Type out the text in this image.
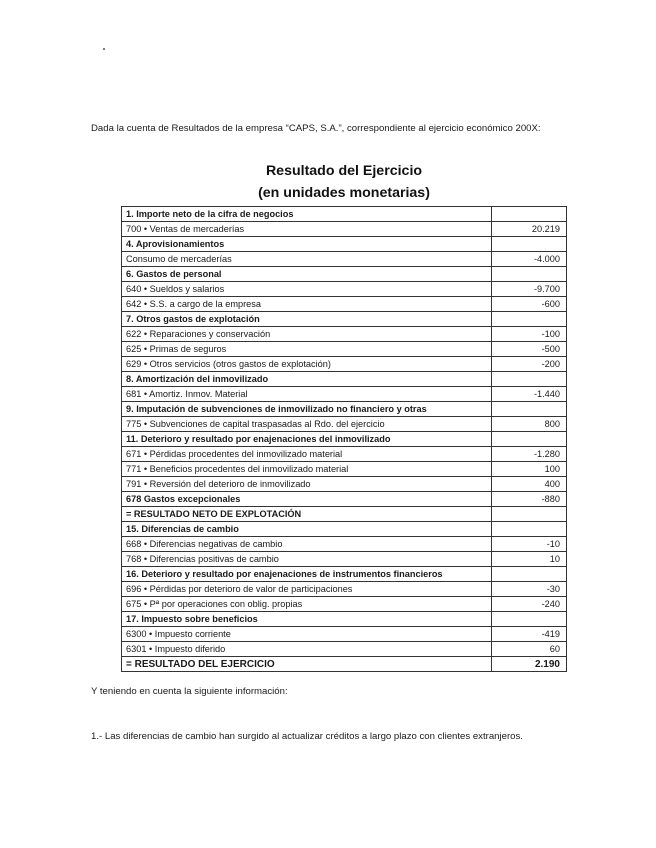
Dada la cuenta de Resultados de la empresa “CAPS, S.A.”, correspondiente al ejercicio económico 200X:
Resultado del Ejercicio
(en unidades monetarias)
1. Importe neto de la cifra de negocios	
700 • Ventas de mercaderías	20.219
4. Aprovisionamientos	
Consumo de mercaderías	-4.000
6. Gastos de personal	
640 • Sueldos y salarios	-9.700
642 • S.S. a cargo de la empresa	-600
7. Otros gastos de explotación	
622 • Reparaciones y conservación	-100
625 • Primas de seguros	-500
629 • Otros servicios (otros gastos de explotación)	-200
8. Amortización del inmovilizado	
681 • Amortiz. Inmov. Material	-1.440
9. Imputación de subvenciones de inmovilizado no financiero y otras	
775 • Subvenciones de capital traspasadas al Rdo. del ejercicio	800
11. Deterioro y resultado por enajenaciones del inmovilizado	
671 • Pérdidas procedentes del inmovilizado material	-1.280
771 • Beneficios procedentes del inmovilizado material	100
791 • Reversión del deterioro de inmovilizado	400
678 Gastos excepcionales	-880
= RESULTADO NETO DE EXPLOTACIÓN	
15. Diferencias de cambio	
668 • Diferencias negativas de cambio	-10
768 • Diferencias positivas de cambio	10
16. Deterioro y resultado por enajenaciones de instrumentos financieros	
696 • Pérdidas por deterioro de valor de participaciones	-30
675 • Pª por operaciones con oblig. propias	-240
17. Impuesto sobre beneficios	
6300 • Impuesto corriente	-419
6301 • Impuesto diferido	60
= RESULTADO DEL EJERCICIO	2.190
Y teniendo en cuenta la siguiente información:
1.- Las diferencias de cambio han surgido al actualizar créditos a largo plazo con clientes extranjeros.
